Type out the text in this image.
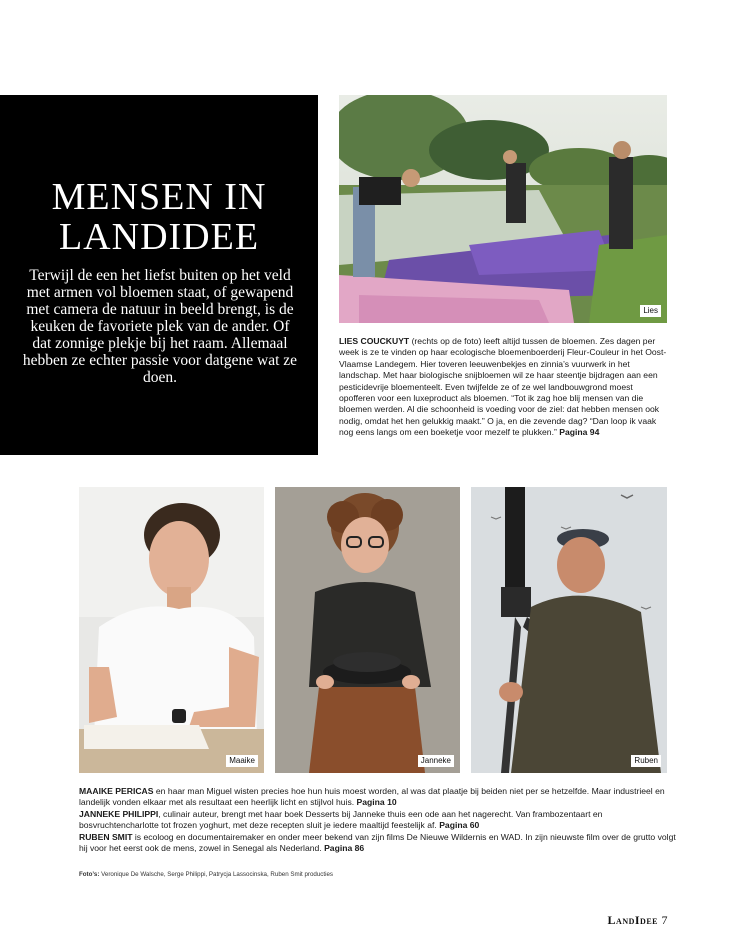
MENSEN IN
LANDIDEE

Terwijl de een het liefst buiten op het veld met armen vol bloemen staat, of gewapend met camera de natuur in beeld brengt, is de keuken de favoriete plek van de ander. Of dat zonnige plekje bij het raam. Allemaal hebben ze echter passie voor datgene wat ze doen.

Lies

LIES COUCKUYT (rechts op de foto) leeft altijd tussen de bloemen. Zes dagen per week is ze te vinden op haar ecologische bloemenboerderij Fleur-Couleur in het Oost-Vlaamse Landegem. Hier toveren leeuwenbekjes en zinnia’s vuurwerk in het landschap. Met haar biologische snijbloemen wil ze haar steentje bijdragen aan een pesticidevrije bloementeelt. Even twijfelde ze of ze wel landbouwgrond moest opofferen voor een luxeproduct als bloemen. “Tot ik zag hoe blij mensen van die bloemen werden. Al die schoonheid is voeding voor de ziel: dat hebben mensen ook nodig, omdat het hen gelukkig maakt.” O ja, en die zevende dag? “Dan loop ik vaak nog eens langs om een boeketje voor mezelf te plukken.” Pagina 94

Maaike	Janneke	Ruben

MAAIKE PERICAS en haar man Miguel wisten precies hoe hun huis moest worden, al was dat plaatje bij beiden niet per se hetzelfde. Maar industrieel en landelijk vonden elkaar met als resultaat een heerlijk licht en stijlvol huis. Pagina 10

JANNEKE PHILIPPI, culinair auteur, brengt met haar boek Desserts bij Janneke thuis een ode aan het nagerecht. Van frambozentaart en bosvruchtencharlotte tot frozen yoghurt, met deze recepten sluit je iedere maaltijd feestelijk af. Pagina 60

RUBEN SMIT is ecoloog en documentairemaker en onder meer bekend van zijn films De Nieuwe Wildernis en WAD. In zijn nieuwste film over de grutto volgt hij voor het eerst ook de mens, zowel in Senegal als Nederland. Pagina 86

Foto’s: Veronique De Walsche, Serge Philippi, Patrycja Lassocinska, Ruben Smit producties

LandIdee 7
